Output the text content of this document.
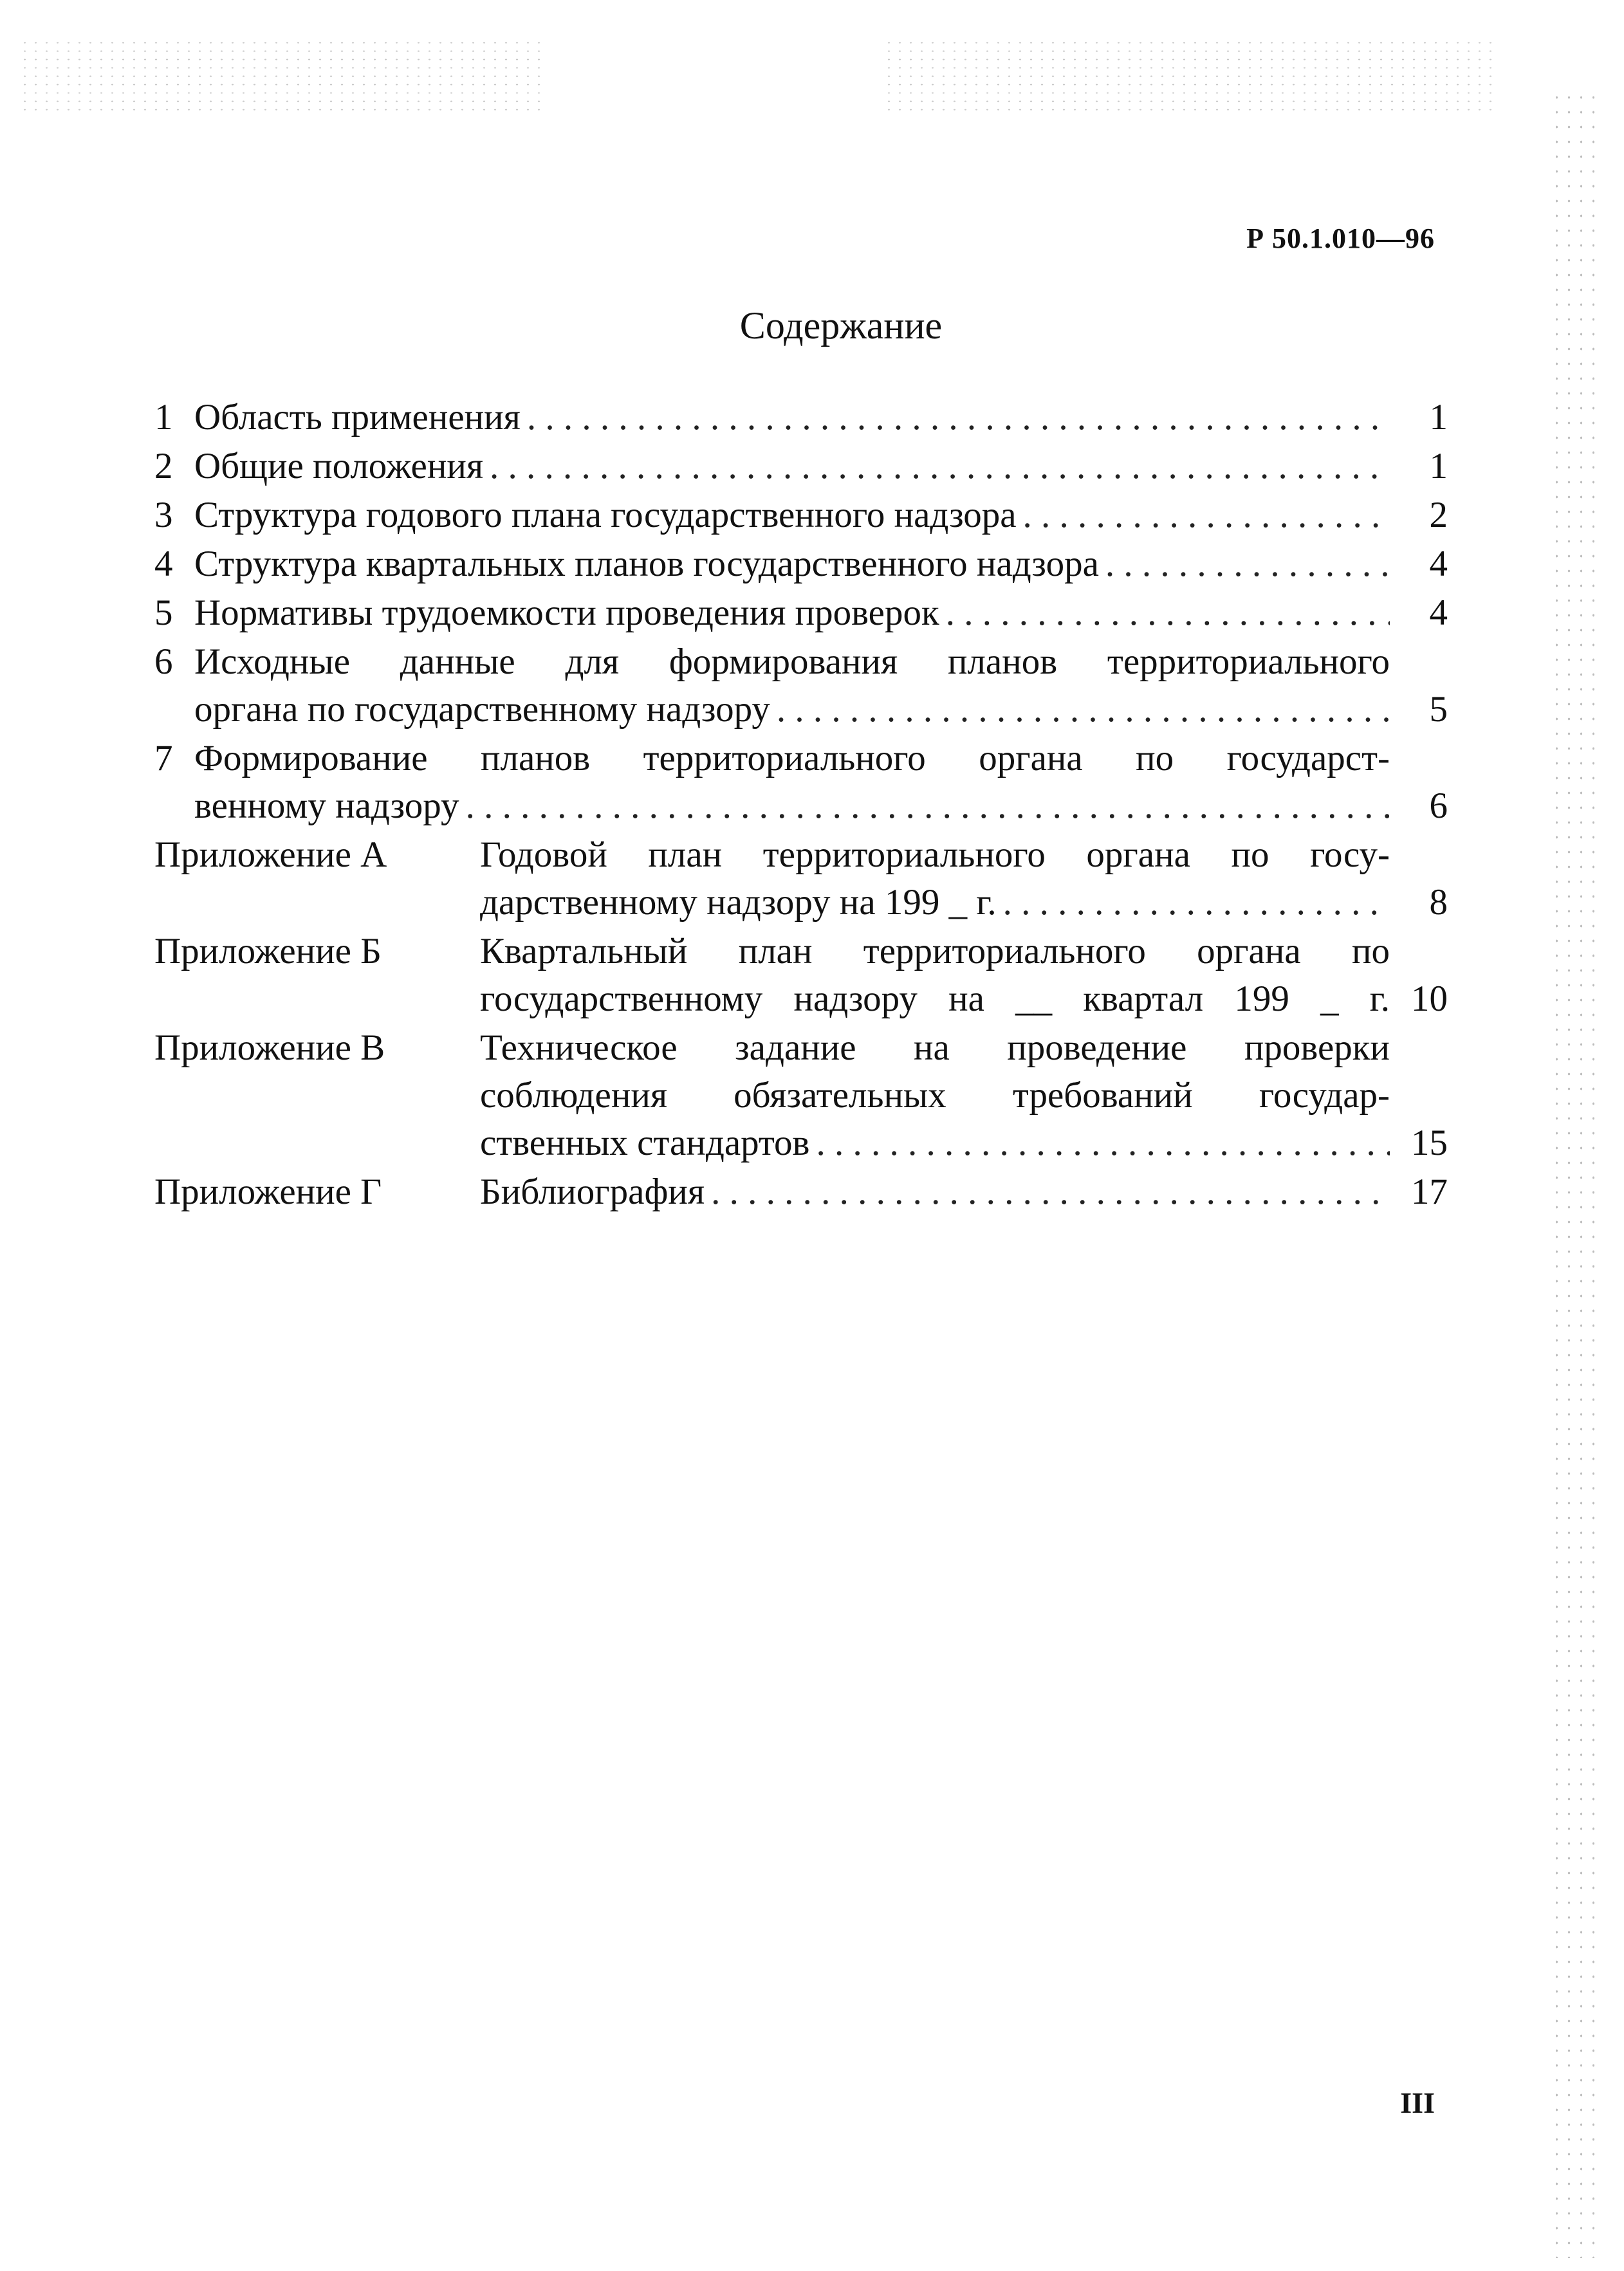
Р 50.1.010—96
Содержание
1 Область применения . . .	1
2 Общие положения . . .	1
3 Структура годового плана государственного надзора . . .	2
4 Структура квартальных планов государственного надзора . . .	4
5 Нормативы трудоемкости проведения проверок . . .	4
6 Исходные данные для формирования планов территориального
органа по государственному надзору . . .	5
7 Формирование планов территориального органа по государст-
венному надзору . . .	6
Приложение А	Годовой план территориального органа по госу-
дарственному надзору на 199 _ г. . . .	8
Приложение Б	Квартальный план территориального органа по
государственному надзору на __ квартал 199 _ г. 10
Приложение В	Техническое задание на проведение проверки
соблюдения обязательных требований государ-
ственных стандартов . . .	15
Приложение Г	Библиография . . .	17
III
